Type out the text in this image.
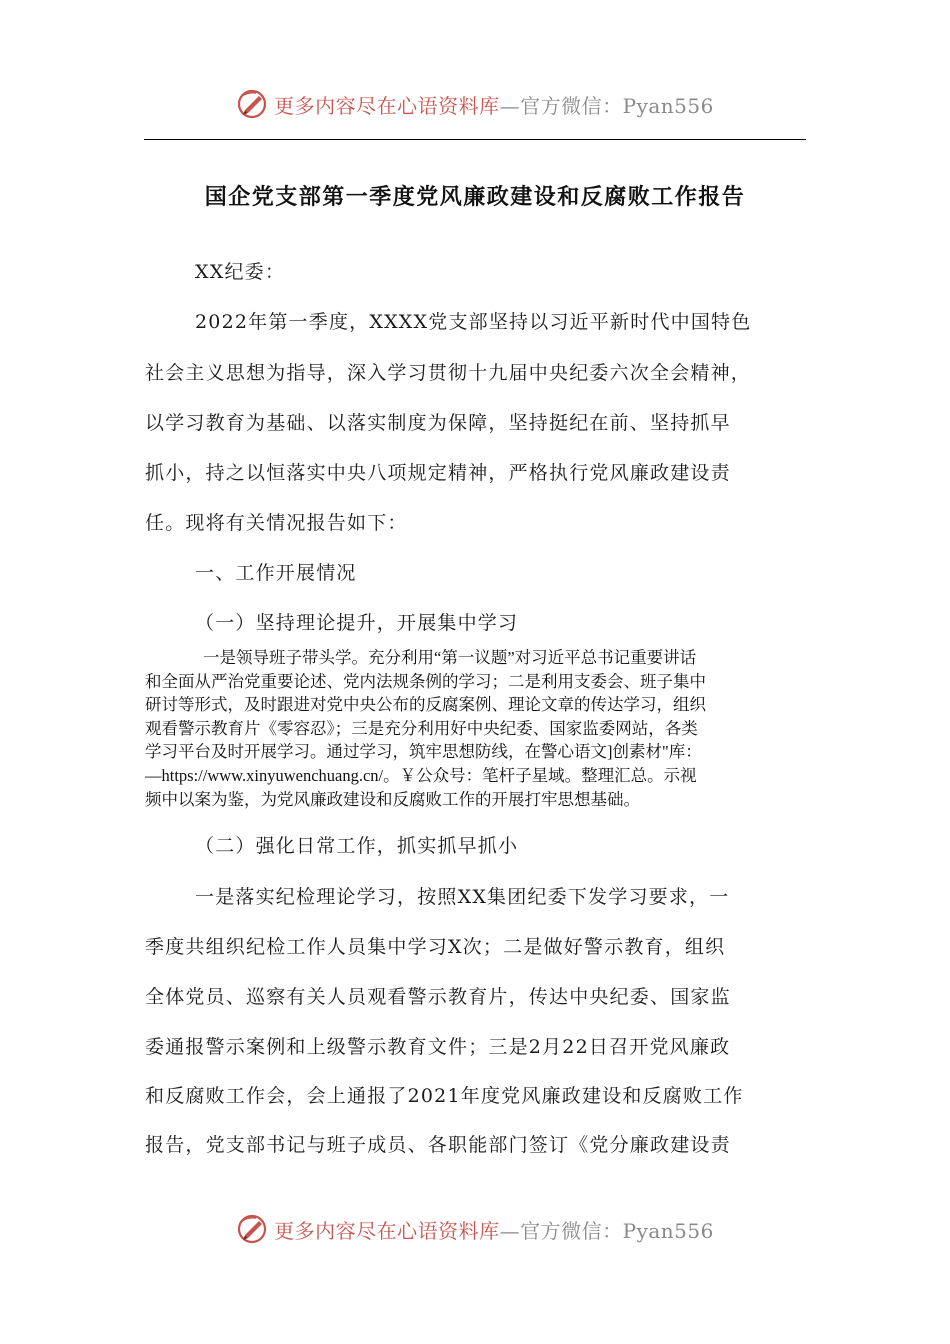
更多内容尽在心语资料库—官方微信：Pyan556
国企党支部第一季度党风廉政建设和反腐败工作报告
XX纪委：
2022年第一季度，XXXX党支部坚持以习近平新时代中国特色
社会主义思想为指导，深入学习贯彻十九届中央纪委六次全会精神，
以学习教育为基础、以落实制度为保障，坚持挺纪在前、坚持抓早
抓小，持之以恒落实中央八项规定精神，严格执行党风廉政建设责
任。现将有关情况报告如下：
一、工作开展情况
（一）坚持理论提升，开展集中学习
一是领导班子带头学。充分利用“第一议题”对习近平总书记重要讲话
和全面从严治党重要论述、党内法规条例的学习；二是利用支委会、班子集中
研讨等形式，及时跟进对党中央公布的反腐案例、理论文章的传达学习，组织
观看警示教育片《零容忍》；三是充分利用好中央纪委、国家监委网站，各类
学习平台及时开展学习。通过学习，筑牢思想防线，在警心语文]创素材"库：
—https://www.xinyuwenchuang.cn/。￥公众号：笔杆子星域。整理汇总。示视
频中以案为鉴，为党风廉政建设和反腐败工作的开展打牢思想基础。
（二）强化日常工作，抓实抓早抓小
一是落实纪检理论学习，按照XX集团纪委下发学习要求，一
季度共组织纪检工作人员集中学习X次；二是做好警示教育，组织
全体党员、巡察有关人员观看警示教育片，传达中央纪委、国家监
委通报警示案例和上级警示教育文件；三是2月22日召开党风廉政
和反腐败工作会，会上通报了2021年度党风廉政建设和反腐败工作
报告，党支部书记与班子成员、各职能部门签订《党分廉政建设责
更多内容尽在心语资料库—官方微信：Pyan556
